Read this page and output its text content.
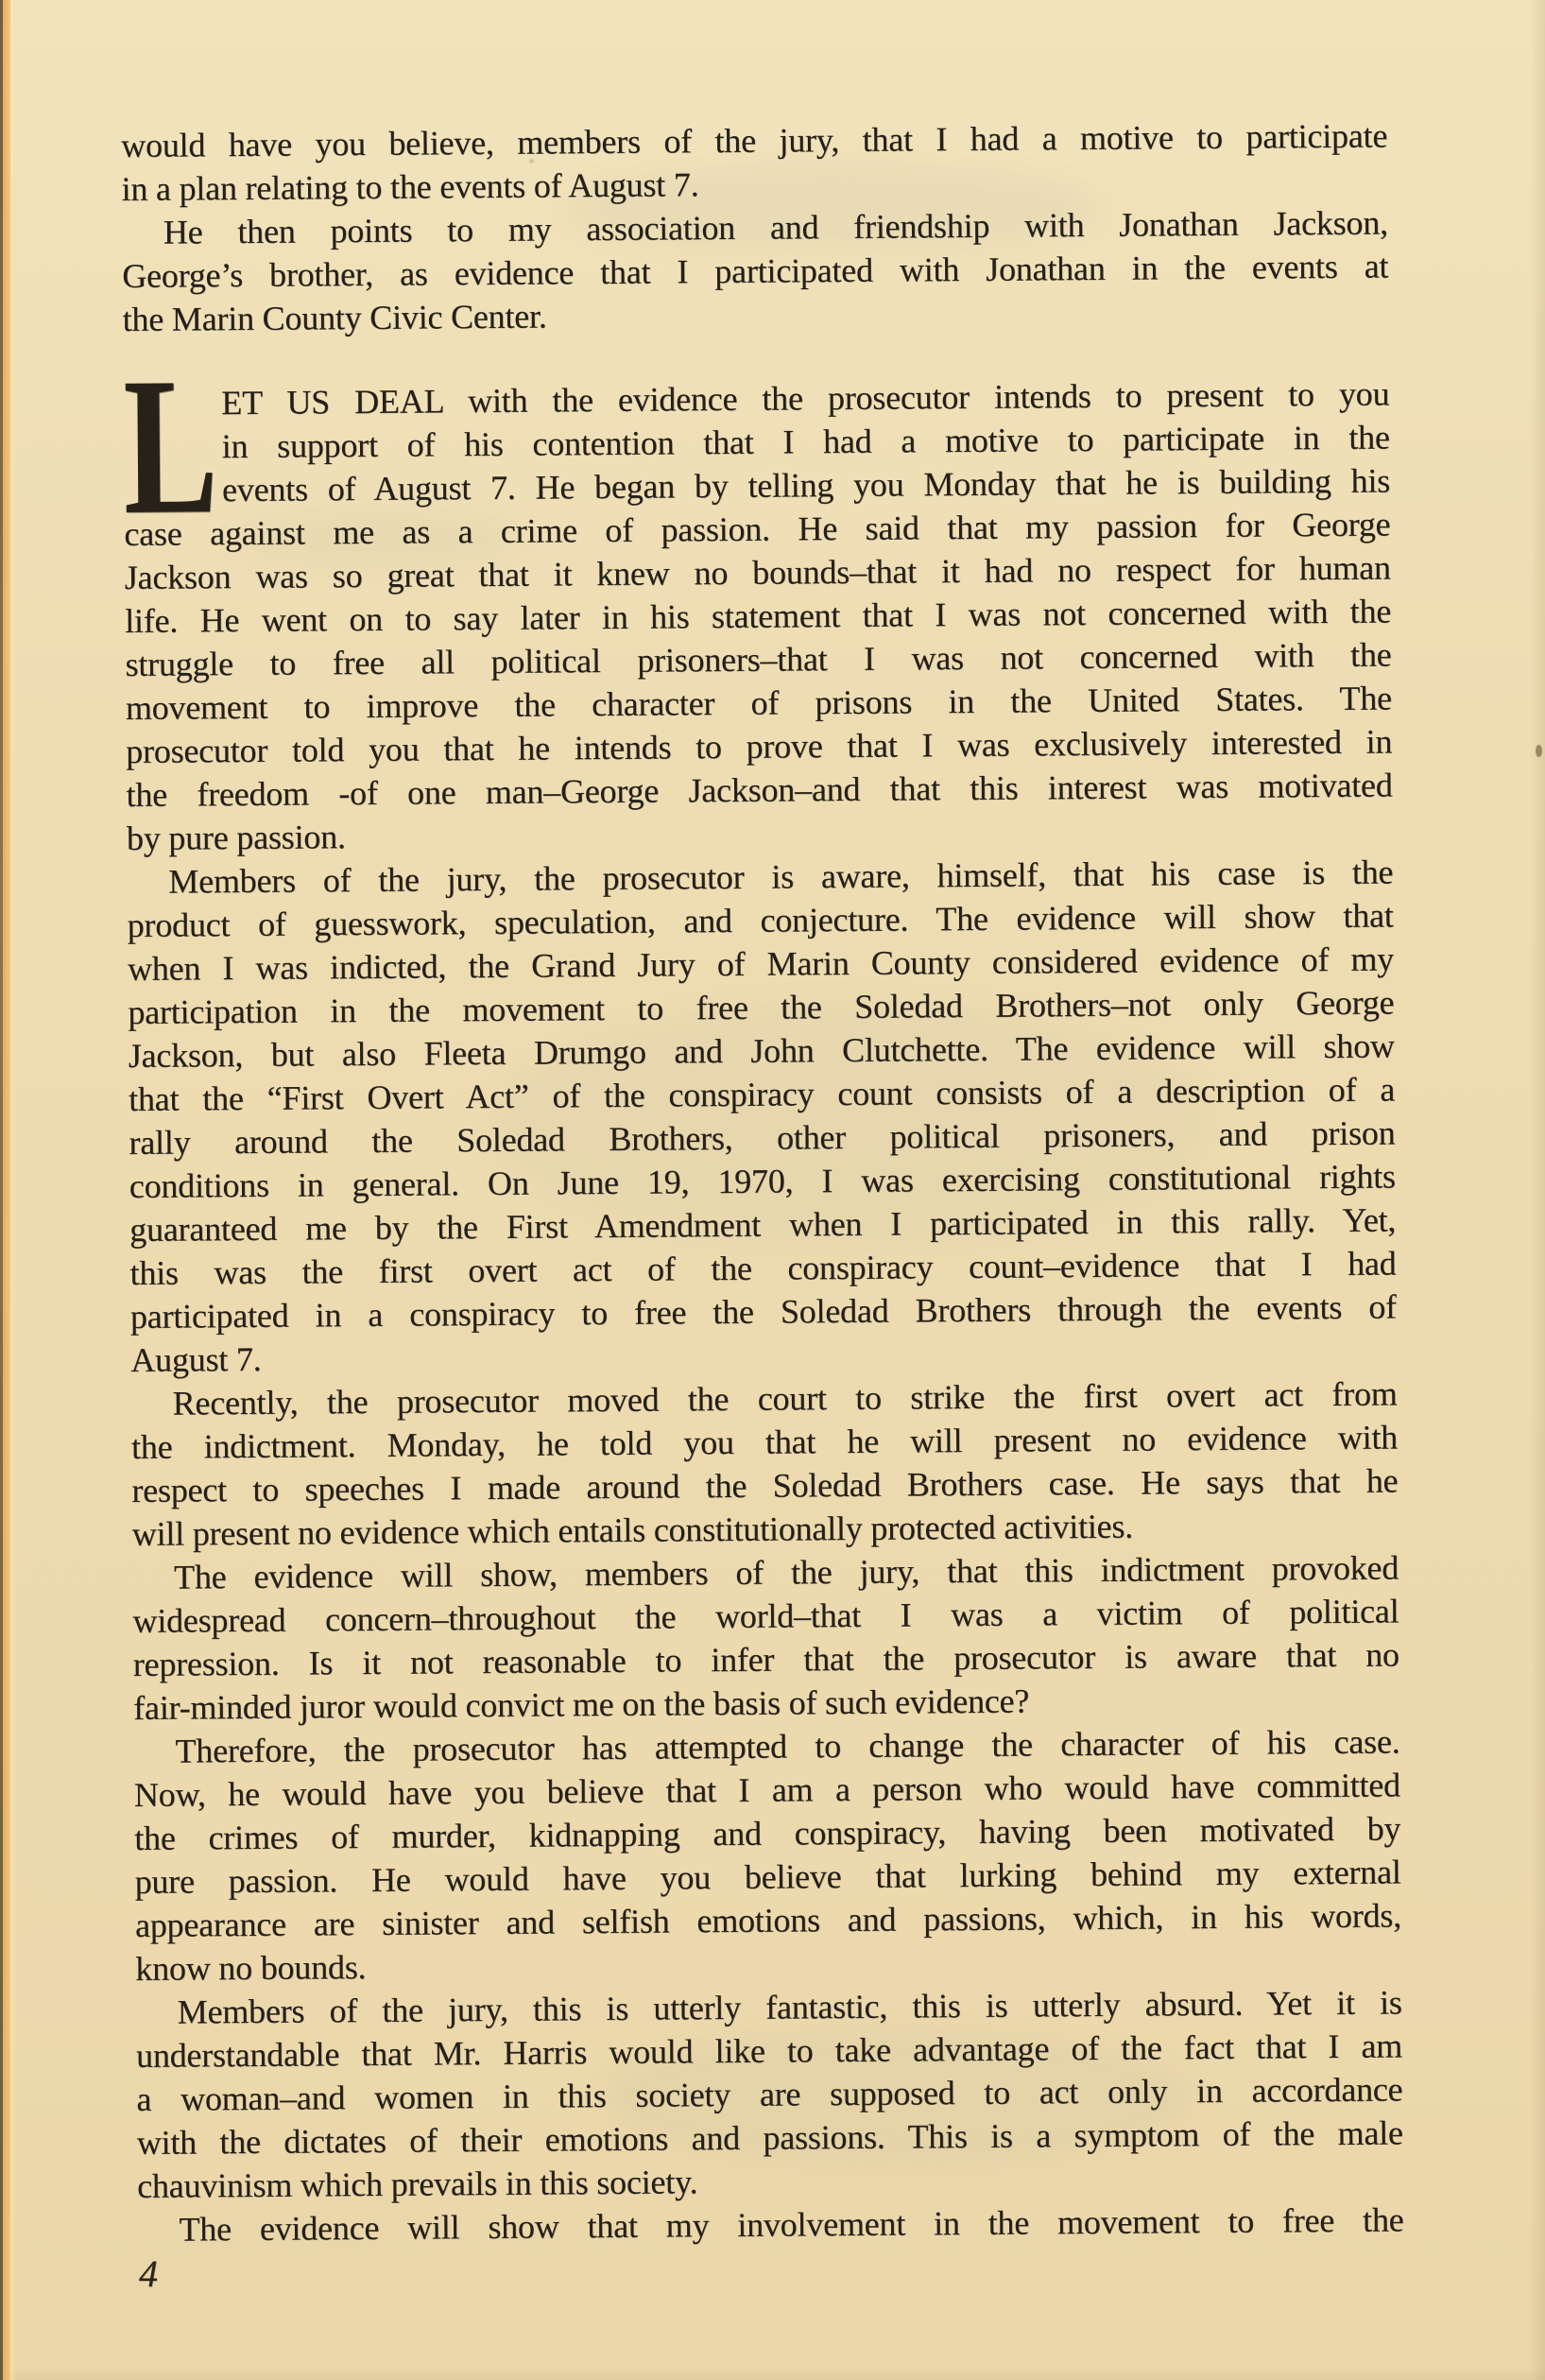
would have you believe, members of the jury, that I had a motive to participate
in a plan relating to the events of August 7.
He then points to my association and friendship with Jonathan Jackson,
George’s brother, as evidence that I participated with Jonathan in the events at
the Marin County Civic Center.
L ET US DEAL with the evidence the prosecutor intends to present to you
in support of his contention that I had a motive to participate in the
events of August 7. He began by telling you Monday that he is building his
case against me as a crime of passion. He said that my passion for George
Jackson was so great that it knew no bounds–that it had no respect for human
life. He went on to say later in his statement that I was not concerned with the
struggle to free all political prisoners–that I was not concerned with the
movement to improve the character of prisons in the United States. The
prosecutor told you that he intends to prove that I was exclusively interested in
the freedom -of one man–George Jackson–and that this interest was motivated
by pure passion.
Members of the jury, the prosecutor is aware, himself, that his case is the
product of guesswork, speculation, and conjecture. The evidence will show that
when I was indicted, the Grand Jury of Marin County considered evidence of my
participation in the movement to free the Soledad Brothers–not only George
Jackson, but also Fleeta Drumgo and John Clutchette. The evidence will show
that the “First Overt Act” of the conspiracy count consists of a description of a
rally around the Soledad Brothers, other political prisoners, and prison
conditions in general. On June 19, 1970, I was exercising constitutional rights
guaranteed me by the First Amendment when I participated in this rally. Yet,
this was the first overt act of the conspiracy count–evidence that I had
participated in a conspiracy to free the Soledad Brothers through the events of
August 7.
Recently, the prosecutor moved the court to strike the first overt act from
the indictment. Monday, he told you that he will present no evidence with
respect to speeches I made around the Soledad Brothers case. He says that he
will present no evidence which entails constitutionally protected activities.
The evidence will show, members of the jury, that this indictment provoked
widespread concern–throughout the world–that I was a victim of political
repression. Is it not reasonable to infer that the prosecutor is aware that no
fair-minded juror would convict me on the basis of such evidence?
Therefore, the prosecutor has attempted to change the character of his case.
Now, he would have you believe that I am a person who would have committed
the crimes of murder, kidnapping and conspiracy, having been motivated by
pure passion. He would have you believe that lurking behind my external
appearance are sinister and selfish emotions and passions, which, in his words,
know no bounds.
Members of the jury, this is utterly fantastic, this is utterly absurd. Yet it is
understandable that Mr. Harris would like to take advantage of the fact that I am
a woman–and women in this society are supposed to act only in accordance
with the dictates of their emotions and passions. This is a symptom of the male
chauvinism which prevails in this society.
The evidence will show that my involvement in the movement to free the
4
